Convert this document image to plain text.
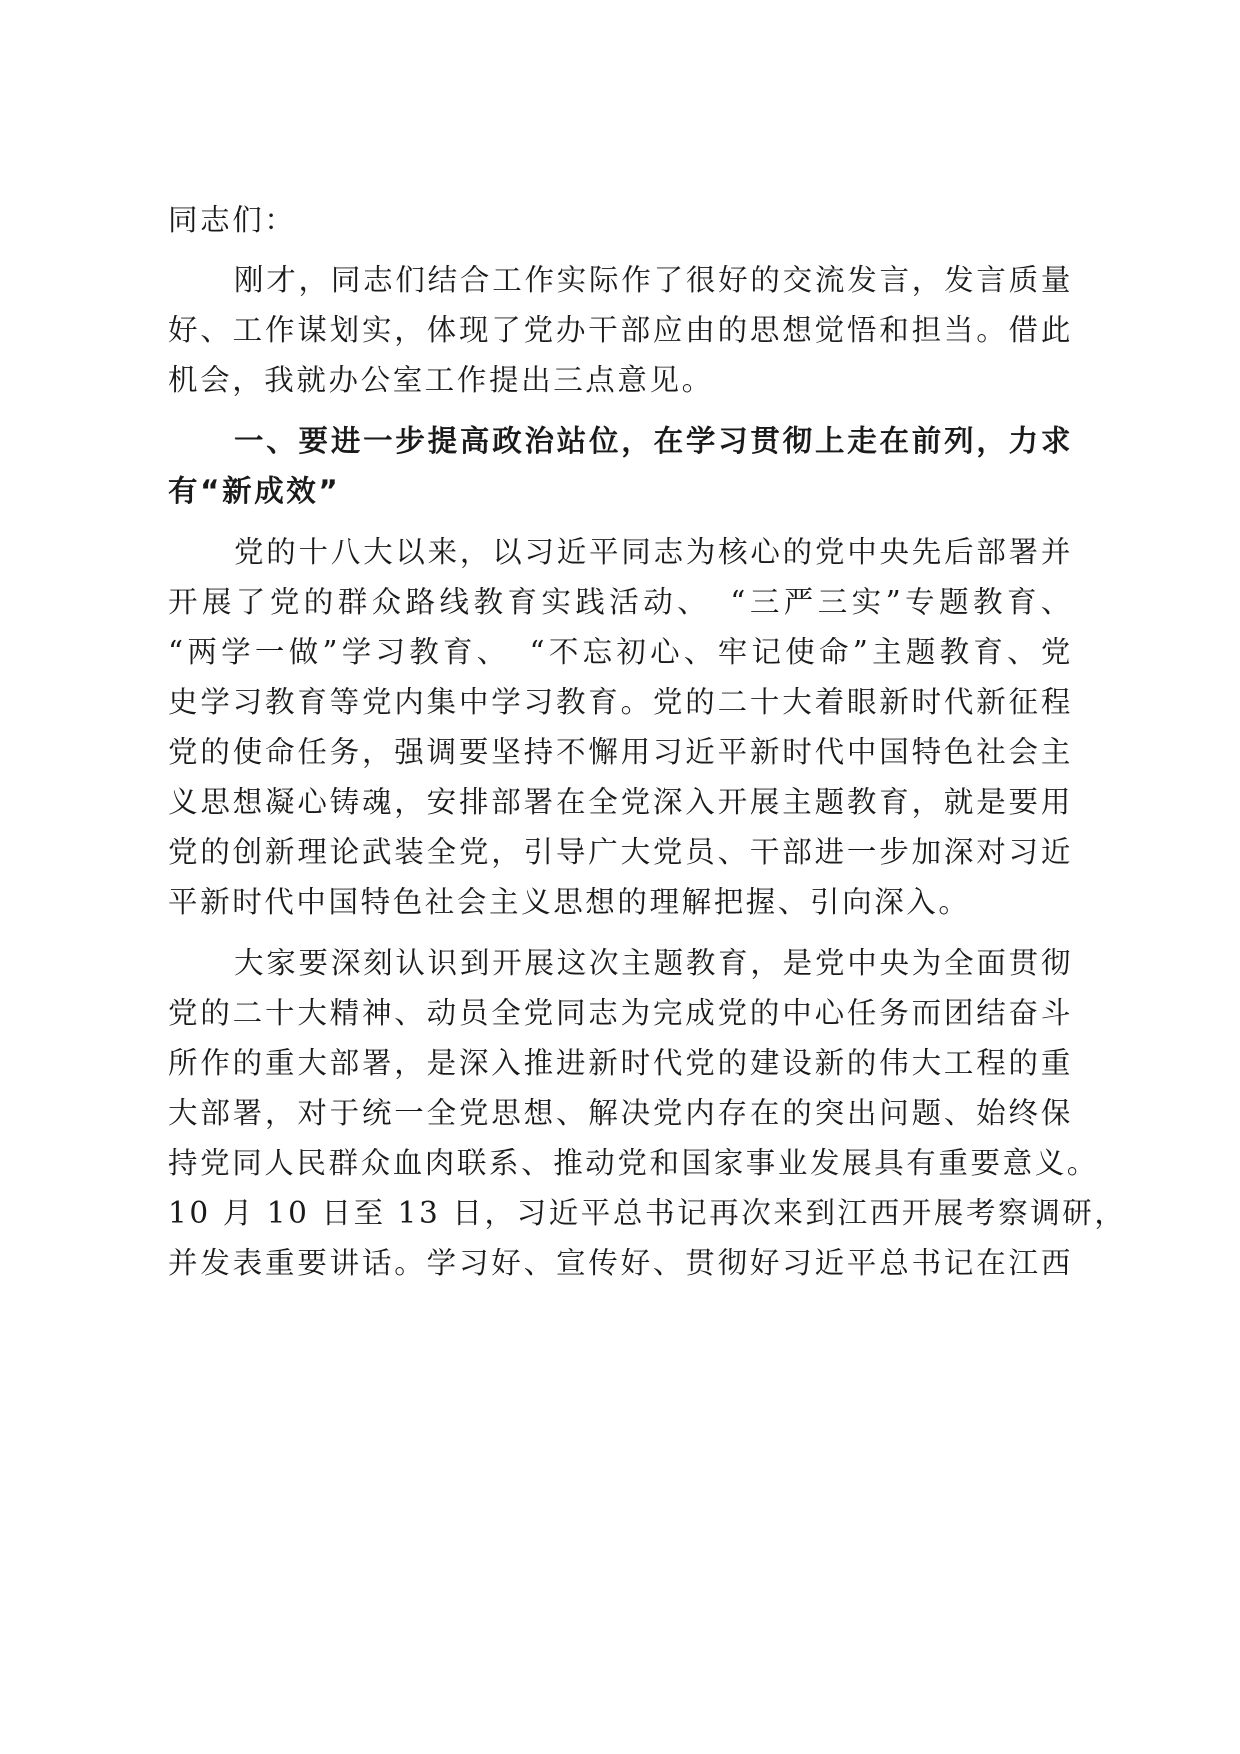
同志们：
刚才，同志们结合工作实际作了很好的交流发言，发言质量
好、工作谋划实，体现了党办干部应由的思想觉悟和担当。借此
机会，我就办公室工作提出三点意见。
一、要进一步提高政治站位，在学习贯彻上走在前列，力求
有“新成效”
党的十八大以来，以习近平同志为核心的党中央先后部署并
开展了党的群众路线教育实践活动、　“三严三实”专题教育、
“两学一做”学习教育、　“不忘初心、牢记使命”主题教育、党
史学习教育等党内集中学习教育。党的二十大着眼新时代新征程
党的使命任务，强调要坚持不懈用习近平新时代中国特色社会主
义思想凝心铸魂，安排部署在全党深入开展主题教育，就是要用
党的创新理论武装全党，引导广大党员、干部进一步加深对习近
平新时代中国特色社会主义思想的理解把握、引向深入。
大家要深刻认识到开展这次主题教育，是党中央为全面贯彻
党的二十大精神、动员全党同志为完成党的中心任务而团结奋斗
所作的重大部署，是深入推进新时代党的建设新的伟大工程的重
大部署，对于统一全党思想、解决党内存在的突出问题、始终保
持党同人民群众血肉联系、推动党和国家事业发展具有重要意义。
10 月 10 日至 13 日，习近平总书记再次来到江西开展考察调研，
并发表重要讲话。学习好、宣传好、贯彻好习近平总书记在江西
